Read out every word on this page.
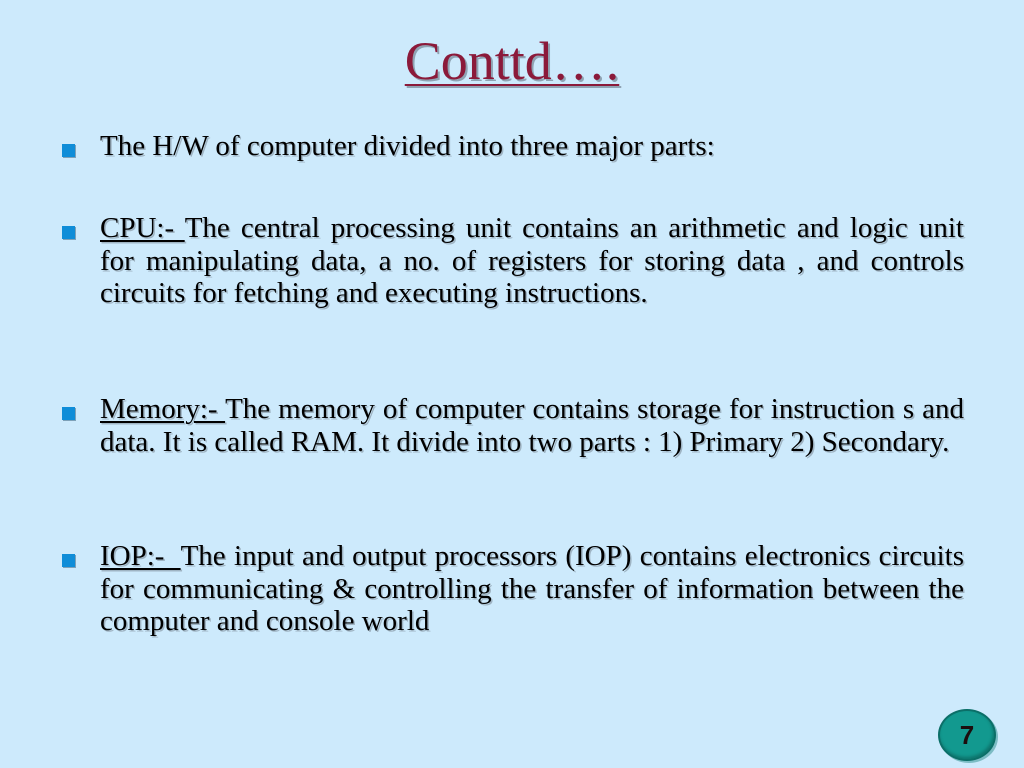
Conttd….
The H/W of computer divided into three major parts:
CPU:- The central processing unit contains an arithmetic and logic unit for manipulating data, a no. of registers for storing data , and controls circuits for fetching and executing instructions.
Memory:- The memory of computer contains storage for instruction s and data. It is called RAM. It divide into two parts : 1) Primary 2) Secondary.
IOP:-  The input and output processors (IOP) contains electronics circuits for communicating & controlling the transfer of information between the computer and console world
7
